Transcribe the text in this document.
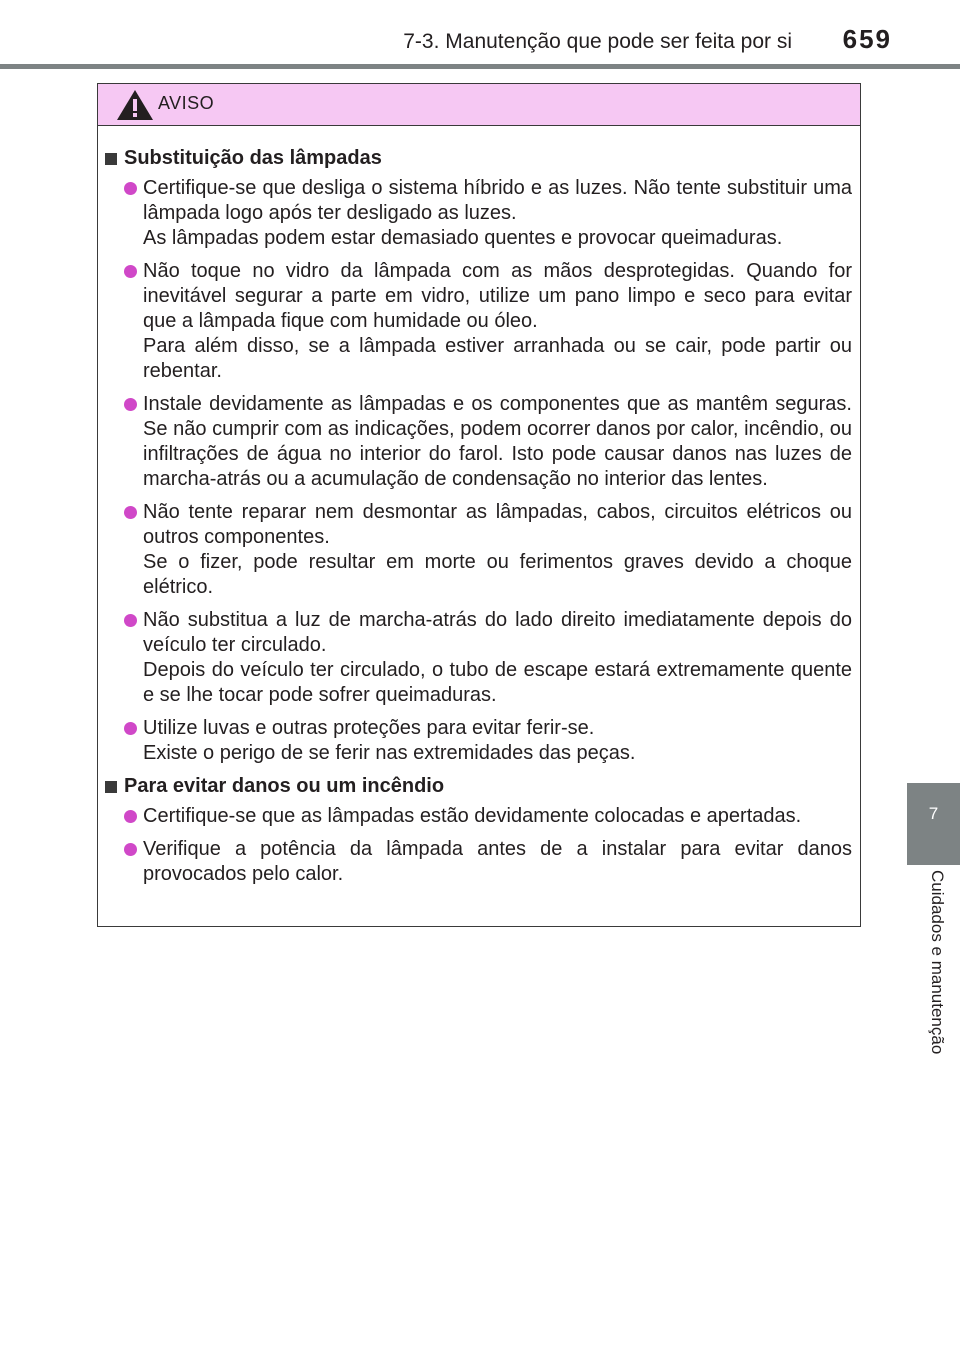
7-3. Manutenção que pode ser feita por si 659
7
Cuidados e manutenção
AVISO
Substituição das lâmpadas

Certifique-se que desliga o sistema híbrido e as luzes. Não tente substituir uma lâmpada logo após ter desligado as luzes.

As lâmpadas podem estar demasiado quentes e provocar queimaduras.

Não toque no vidro da lâmpada com as mãos desprotegidas. Quando for inevitável segurar a parte em vidro, utilize um pano limpo e seco para evitar que a lâmpada fique com humidade ou óleo.

Para além disso, se a lâmpada estiver arranhada ou se cair, pode partir ou rebentar.

Instale devidamente as lâmpadas e os componentes que as mantêm seguras. Se não cumprir com as indicações, podem ocorrer danos por calor, incêndio, ou infiltrações de água no interior do farol. Isto pode causar danos nas luzes de marcha-atrás ou a acumulação de condensação no interior das lentes.

Não tente reparar nem desmontar as lâmpadas, cabos, circuitos elétricos ou outros componentes.

Se o fizer, pode resultar em morte ou ferimentos graves devido a choque elétrico.

Não substitua a luz de marcha-atrás do lado direito imediatamente depois do veículo ter circulado.

Depois do veículo ter circulado, o tubo de escape estará extremamente quente e se lhe tocar pode sofrer queimaduras.

Utilize luvas e outras proteções para evitar ferir-se.

Existe o perigo de se ferir nas extremidades das peças.

Para evitar danos ou um incêndio

Certifique-se que as lâmpadas estão devidamente colocadas e apertadas.

Verifique a potência da lâmpada antes de a instalar para evitar danos provocados pelo calor.
